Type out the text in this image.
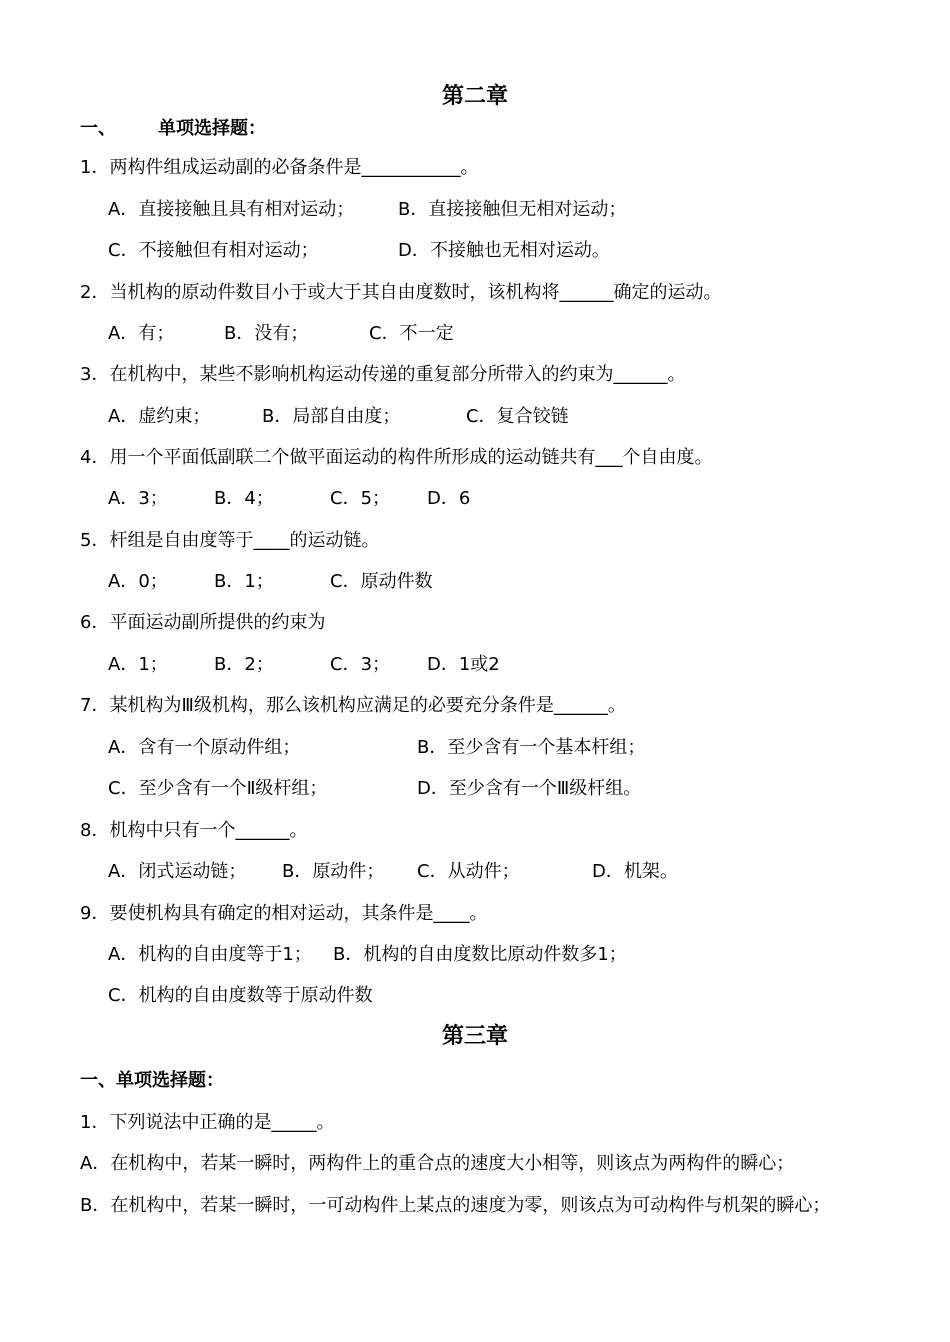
第二章
一、 单项选择题：
1．两构件组成运动副的必备条件是___________。
A．直接接触且具有相对运动； B．直接接触但无相对运动；
C．不接触但有相对运动；	D．不接触也无相对运动。
2．当机构的原动件数目小于或大于其自由度数时，该机构将______确定的运动。
A．有；	B．没有；	C．不一定
3．在机构中，某些不影响机构运动传递的重复部分所带入的约束为______。
A．虚约束；	B．局部自由度；	C．复合铰链
4．用一个平面低副联二个做平面运动的构件所形成的运动链共有___个自由度。
A．3；	B．4；	C．5； D．6
5．杆组是自由度等于____的运动链。
A．0；	B．1；	C．原动件数
6．平面运动副所提供的约束为
A．1；	B．2；	C．3； D．1或2
7．某机构为Ⅲ级机构，那么该机构应满足的必要充分条件是______。
A．含有一个原动件组；	B．至少含有一个基本杆组；
C．至少含有一个Ⅱ级杆组；	D．至少含有一个Ⅲ级杆组。
8．机构中只有一个______。
A．闭式运动链； B．原动件； C．从动件；	D．机架。
9．要使机构具有确定的相对运动，其条件是____。
A．机构的自由度等于1； B．机构的自由度数比原动件数多1；
C．机构的自由度数等于原动件数
第三章
一、单项选择题：
1．下列说法中正确的是_____。
A．在机构中，若某一瞬时，两构件上的重合点的速度大小相等，则该点为两构件的瞬心；
B．在机构中，若某一瞬时，一可动构件上某点的速度为零，则该点为可动构件与机架的瞬心；
